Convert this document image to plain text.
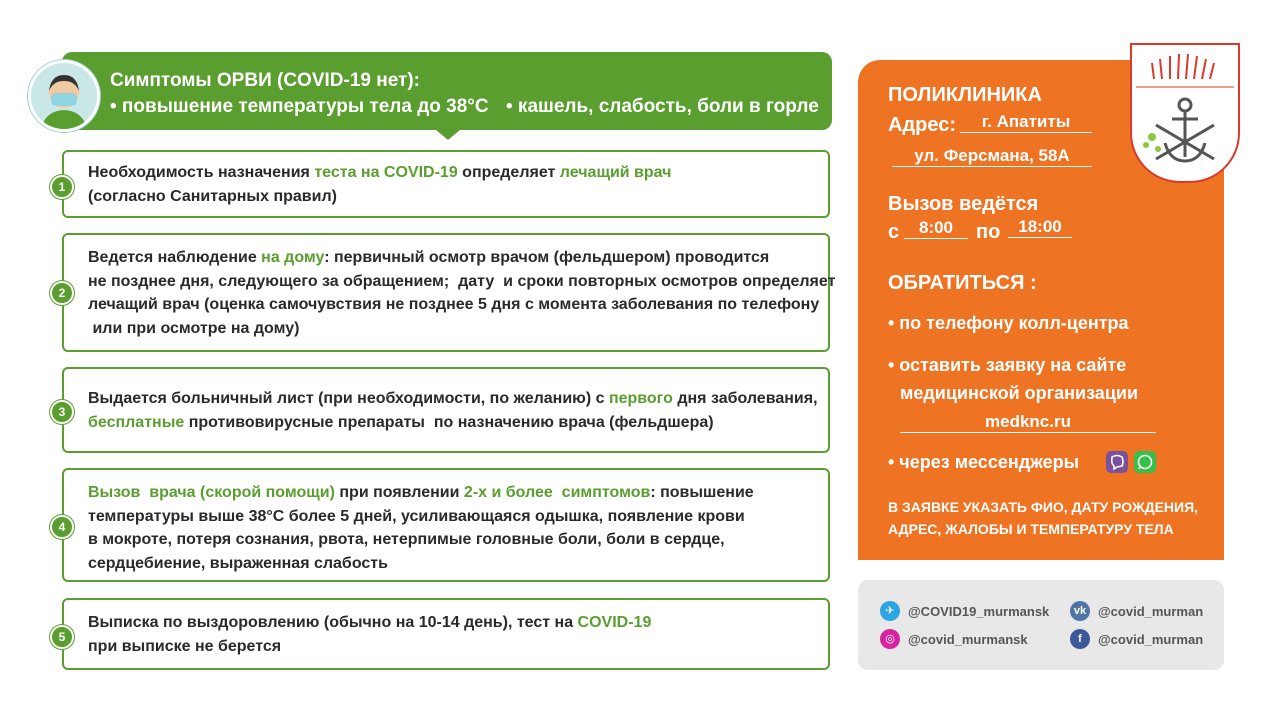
Симптомы ОРВИ (COVID-19 нет):
• повышение температуры тела до 38°С • кашель, слабость, боли в горле
Необходимость назначения теста на COVID-19 определяет лечащий врач
(согласно Санитарных правил)
1
Ведется наблюдение на дому: первичный осмотр врачом (фельдшером) проводится
не позднее дня, следующего за обращением;  дату  и сроки повторных осмотров определяет
лечащий врач (оценка самочувствия не позднее 5 дня с момента заболевания по телефону
или при осмотре на дому)
2
Выдается больничный лист (при необходимости, по желанию) с первого дня заболевания,
бесплатные противовирусные препараты  по назначению врача (фельдшера)
3
Вызов  врача (скорой помощи) при появлении 2-х и более  симптомов: повышение
температуры выше 38°С более 5 дней, усиливающаяся одышка, появление крови
в мокроте, потеря сознания, рвота, нетерпимые головные боли, боли в сердце,
сердцебиение, выраженная слабость
4
Выписка по выздоровлению (обычно на 10-14 день), тест на COVID-19
при выписке не берется
5
ПОЛИКЛИНИКА
Адрес:	г. Апатиты
ул. Ферсмана, 58А
Вызов ведётся
с	8:00	по	18:00
ОБРАТИТЬСЯ :
• по телефону колл-центра
• оставить заявку на сайте
медицинской организации
medknc.ru
• через мессенджеры
В ЗАЯВКЕ УКАЗАТЬ ФИО, ДАТУ РОЖДЕНИЯ, АДРЕС, ЖАЛОБЫ И ТЕМПЕРАТУРУ ТЕЛА
✈	@COVID19_murmansk	vk @covid_murman
◎	@covid_murmansk	f	@covid_murman
